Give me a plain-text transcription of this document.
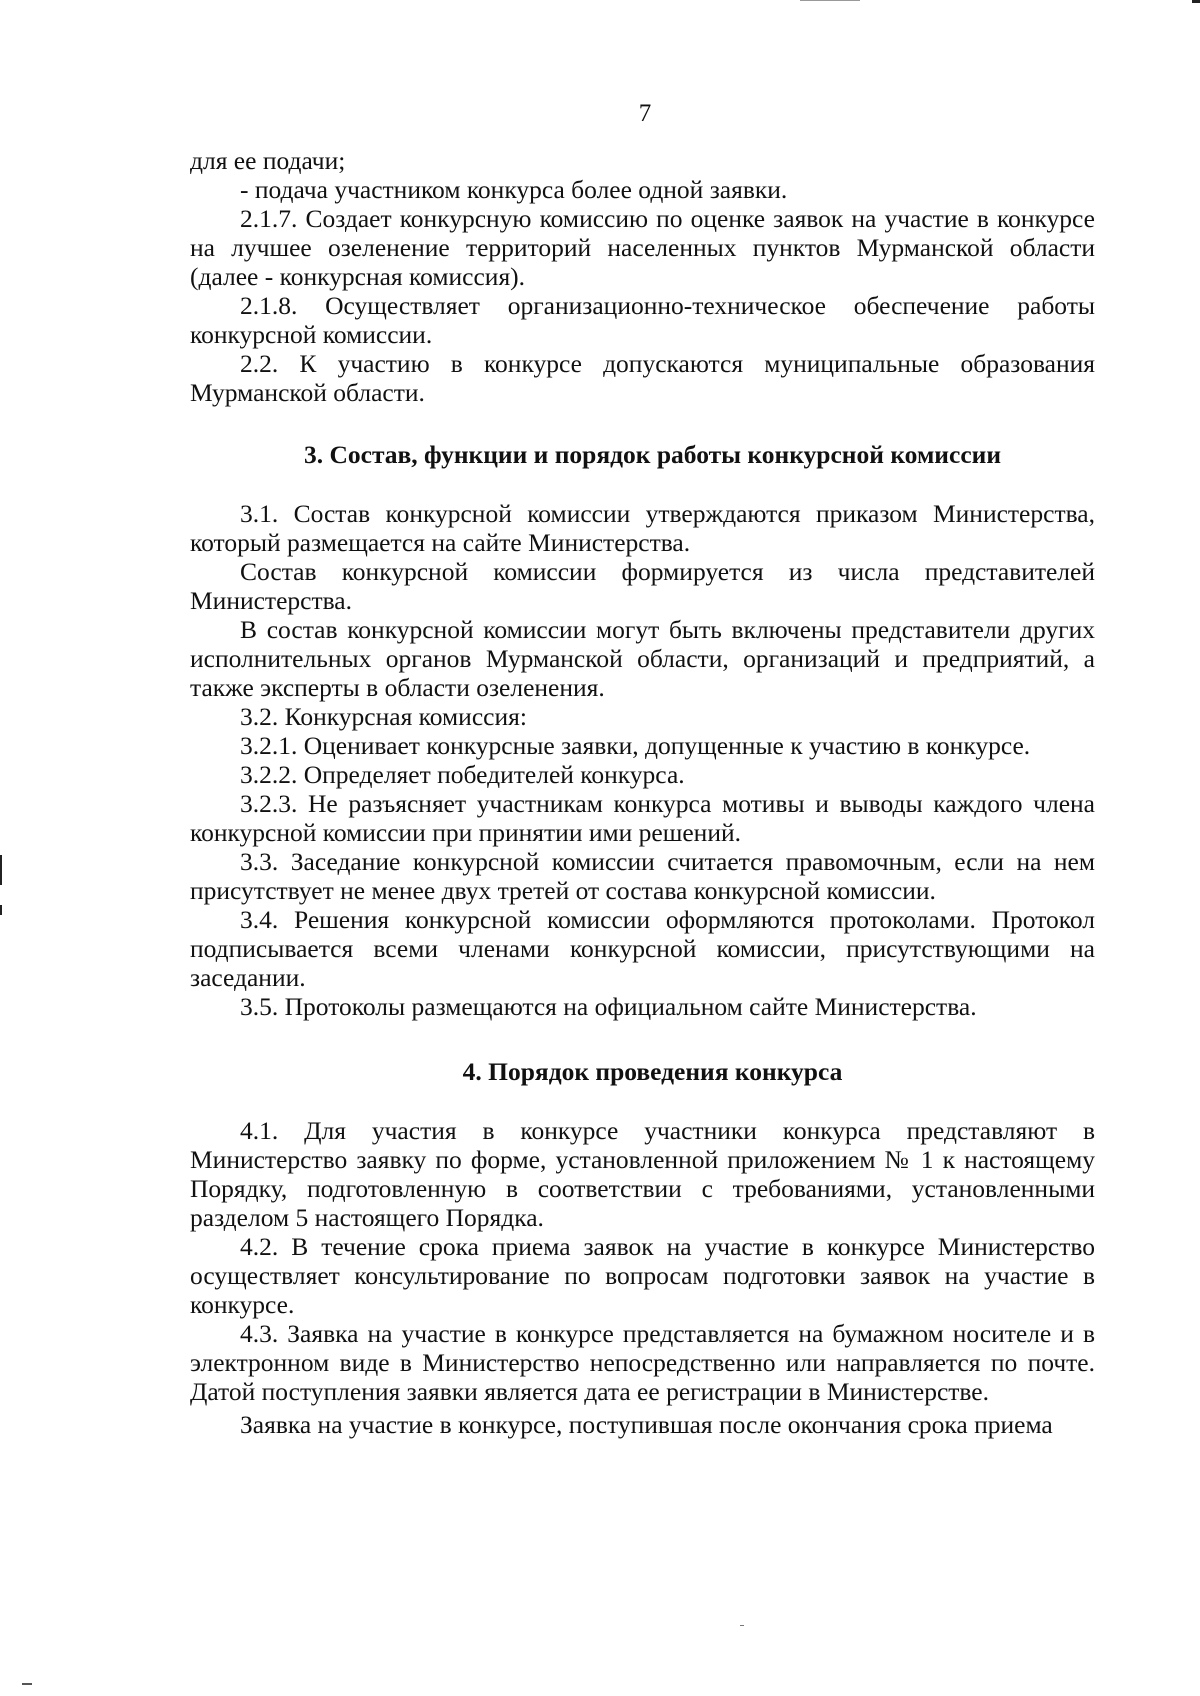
7

для ее подачи;

- подача участником конкурса более одной заявки.

2.1.7. Создает конкурсную комиссию по оценке заявок на участие в конкурсе на лучшее озеленение территорий населенных пунктов Мурманской области (далее - конкурсная комиссия).

2.1.8. Осуществляет организационно-техническое обеспечение работы конкурсной комиссии.

2.2. К участию в конкурсе допускаются муниципальные образования Мурманской области.

3. Состав, функции и порядок работы конкурсной комиссии

3.1. Состав конкурсной комиссии утверждаются приказом Министерства, который размещается на сайте Министерства.

Состав конкурсной комиссии формируется из числа представителей Министерства.

В состав конкурсной комиссии могут быть включены представители других исполнительных органов Мурманской области, организаций и предприятий, а также эксперты в области озеленения.

3.2. Конкурсная комиссия:

3.2.1. Оценивает конкурсные заявки, допущенные к участию в конкурсе.

3.2.2. Определяет победителей конкурса.

3.2.3. Не разъясняет участникам конкурса мотивы и выводы каждого члена конкурсной комиссии при принятии ими решений.

3.3. Заседание конкурсной комиссии считается правомочным, если на нем присутствует не менее двух третей от состава конкурсной комиссии.

3.4. Решения конкурсной комиссии оформляются протоколами. Протокол подписывается всеми членами конкурсной комиссии, присутствующими на заседании.

3.5. Протоколы размещаются на официальном сайте Министерства.

4. Порядок проведения конкурса

4.1. Для участия в конкурсе участники конкурса представляют в Министерство заявку по форме, установленной приложением № 1 к настоящему Порядку, подготовленную в соответствии с требованиями, установленными разделом 5 настоящего Порядка.

4.2. В течение срока приема заявок на участие в конкурсе Министерство осуществляет консультирование по вопросам подготовки заявок на участие в конкурсе.

4.3. Заявка на участие в конкурсе представляется на бумажном носителе и в электронном виде в Министерство непосредственно или направляется по почте. Датой поступления заявки является дата ее регистрации в Министерстве.

Заявка на участие в конкурсе, поступившая после окончания срока приема
